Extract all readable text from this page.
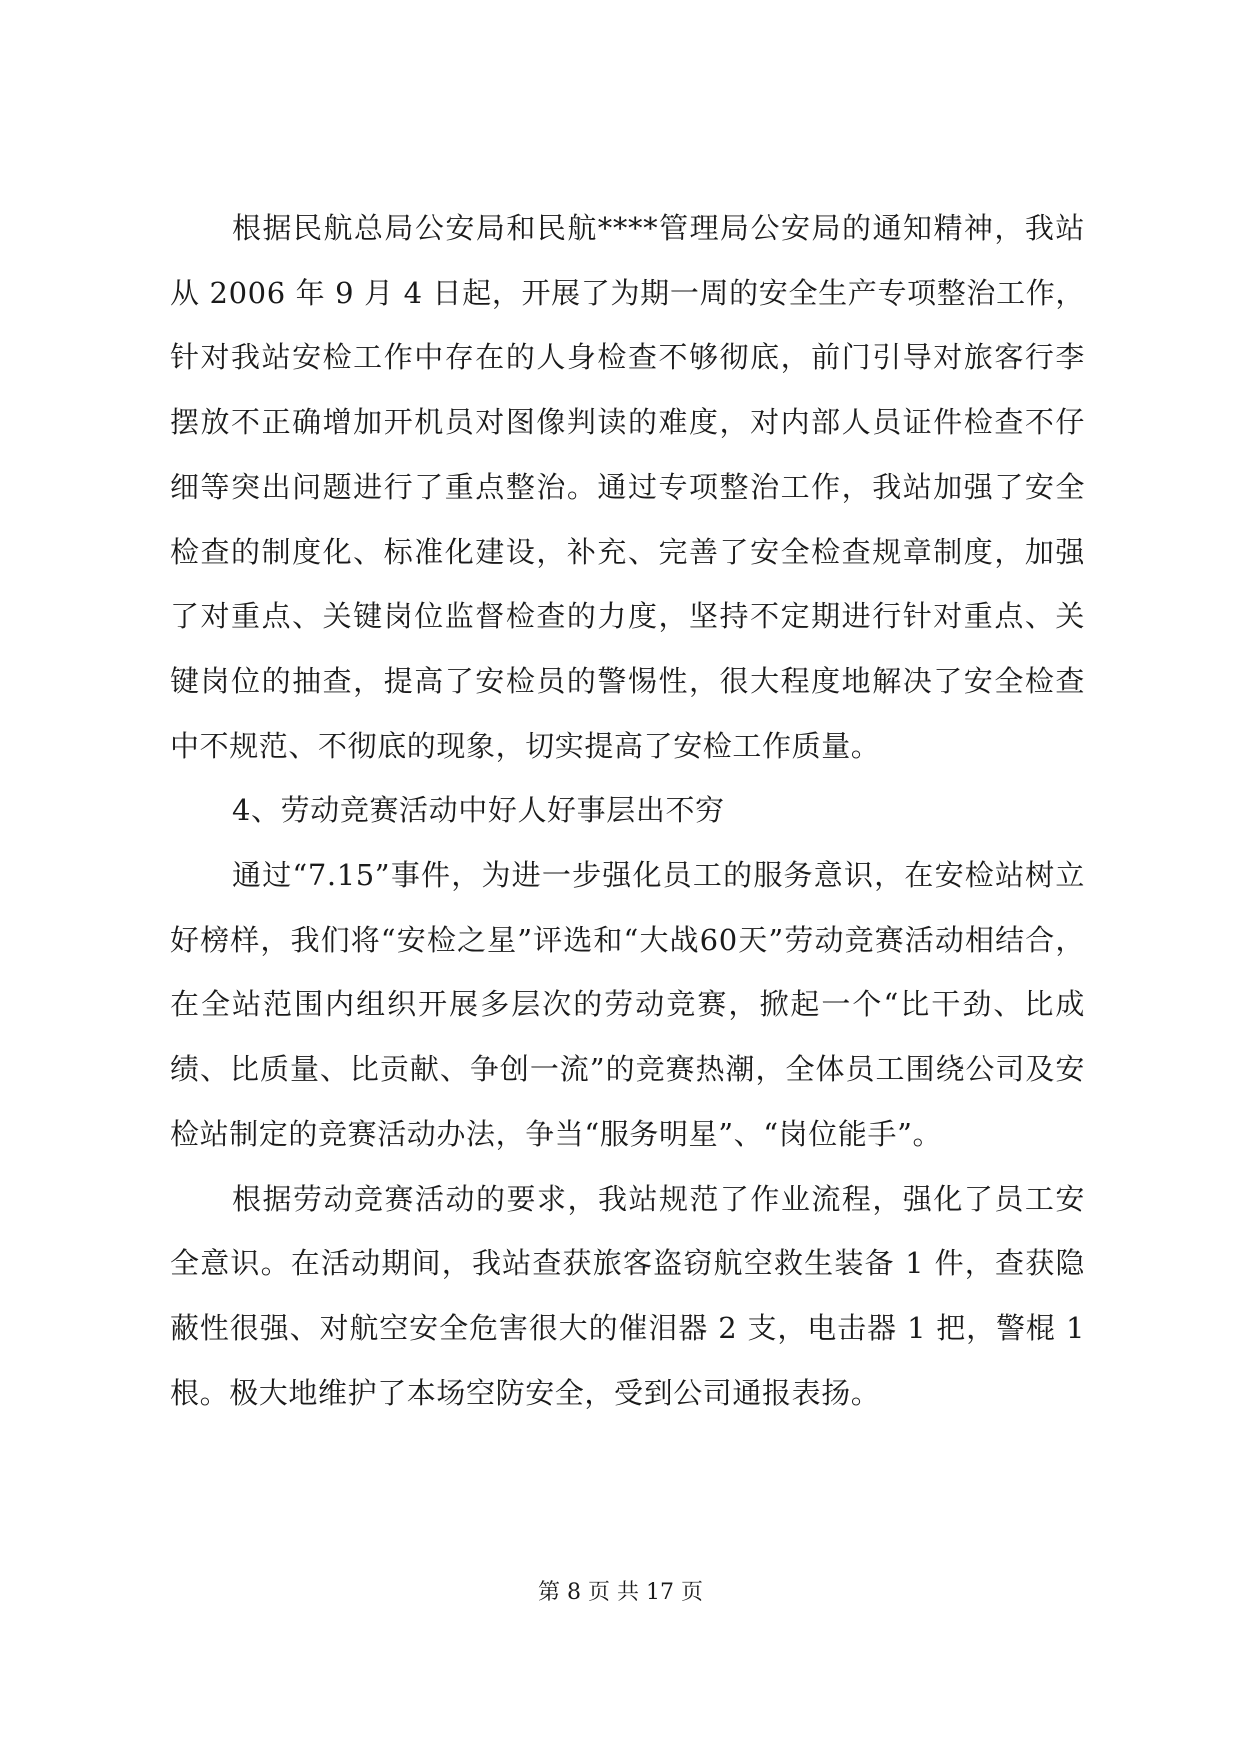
根据民航总局公安局和民航****管理局公安局的通知精神，我站从 2006 年 9 月 4 日起，开展了为期一周的安全生产专项整治工作，针对我站安检工作中存在的人身检查不够彻底，前门引导对旅客行李摆放不正确增加开机员对图像判读的难度，对内部人员证件检查不仔细等突出问题进行了重点整治。通过专项整治工作，我站加强了安全检查的制度化、标准化建设，补充、完善了安全检查规章制度，加强了对重点、关键岗位监督检查的力度，坚持不定期进行针对重点、关键岗位的抽查，提高了安检员的警惕性，很大程度地解决了安全检查中不规范、不彻底的现象，切实提高了安检工作质量。

4、劳动竞赛活动中好人好事层出不穷

通过“7.15”事件，为进一步强化员工的服务意识，在安检站树立好榜样，我们将“安检之星”评选和“大战60天”劳动竞赛活动相结合，在全站范围内组织开展多层次的劳动竞赛，掀起一个“比干劲、比成绩、比质量、比贡献、争创一流”的竞赛热潮，全体员工围绕公司及安检站制定的竞赛活动办法，争当“服务明星”、“岗位能手”。

根据劳动竞赛活动的要求，我站规范了作业流程，强化了员工安全意识。在活动期间，我站查获旅客盗窃航空救生装备 1 件，查获隐蔽性很强、对航空安全危害很大的催泪器 2 支，电击器 1 把，警棍 1 根。极大地维护了本场空防安全，受到公司通报表扬。

第 8 页 共 17 页
